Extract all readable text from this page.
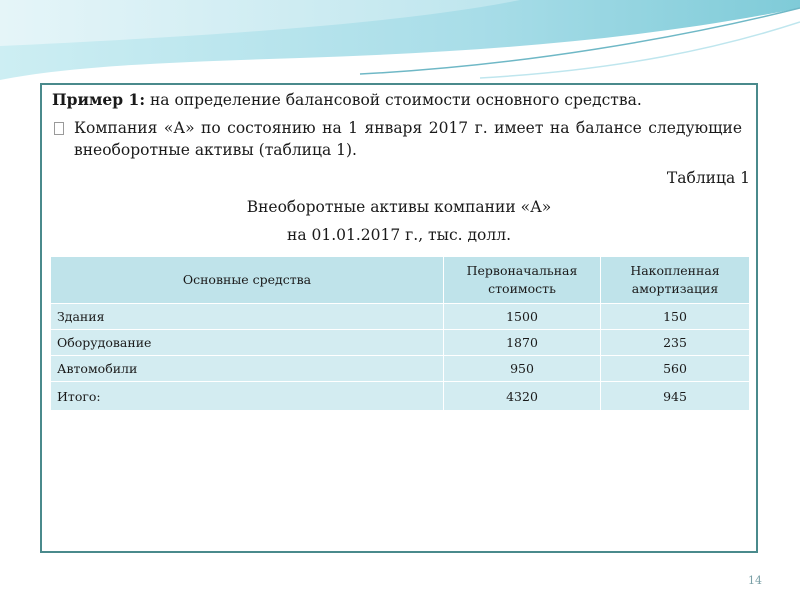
Пример 1: на определение балансовой стоимости основного средства.
Компания «А» по состоянию на 1 января 2017 г. имеет на балансе следующие внеоборотные активы (таблица 1).
Таблица 1
Внеоборотные активы компании «А»
на 01.01.2017 г., тыс. долл.
Основные средства	Первоначальная стоимость	Накопленная амортизация
Здания	1500	150
Оборудование	1870	235
Автомобили	950	560
Итого:	4320	945
14
